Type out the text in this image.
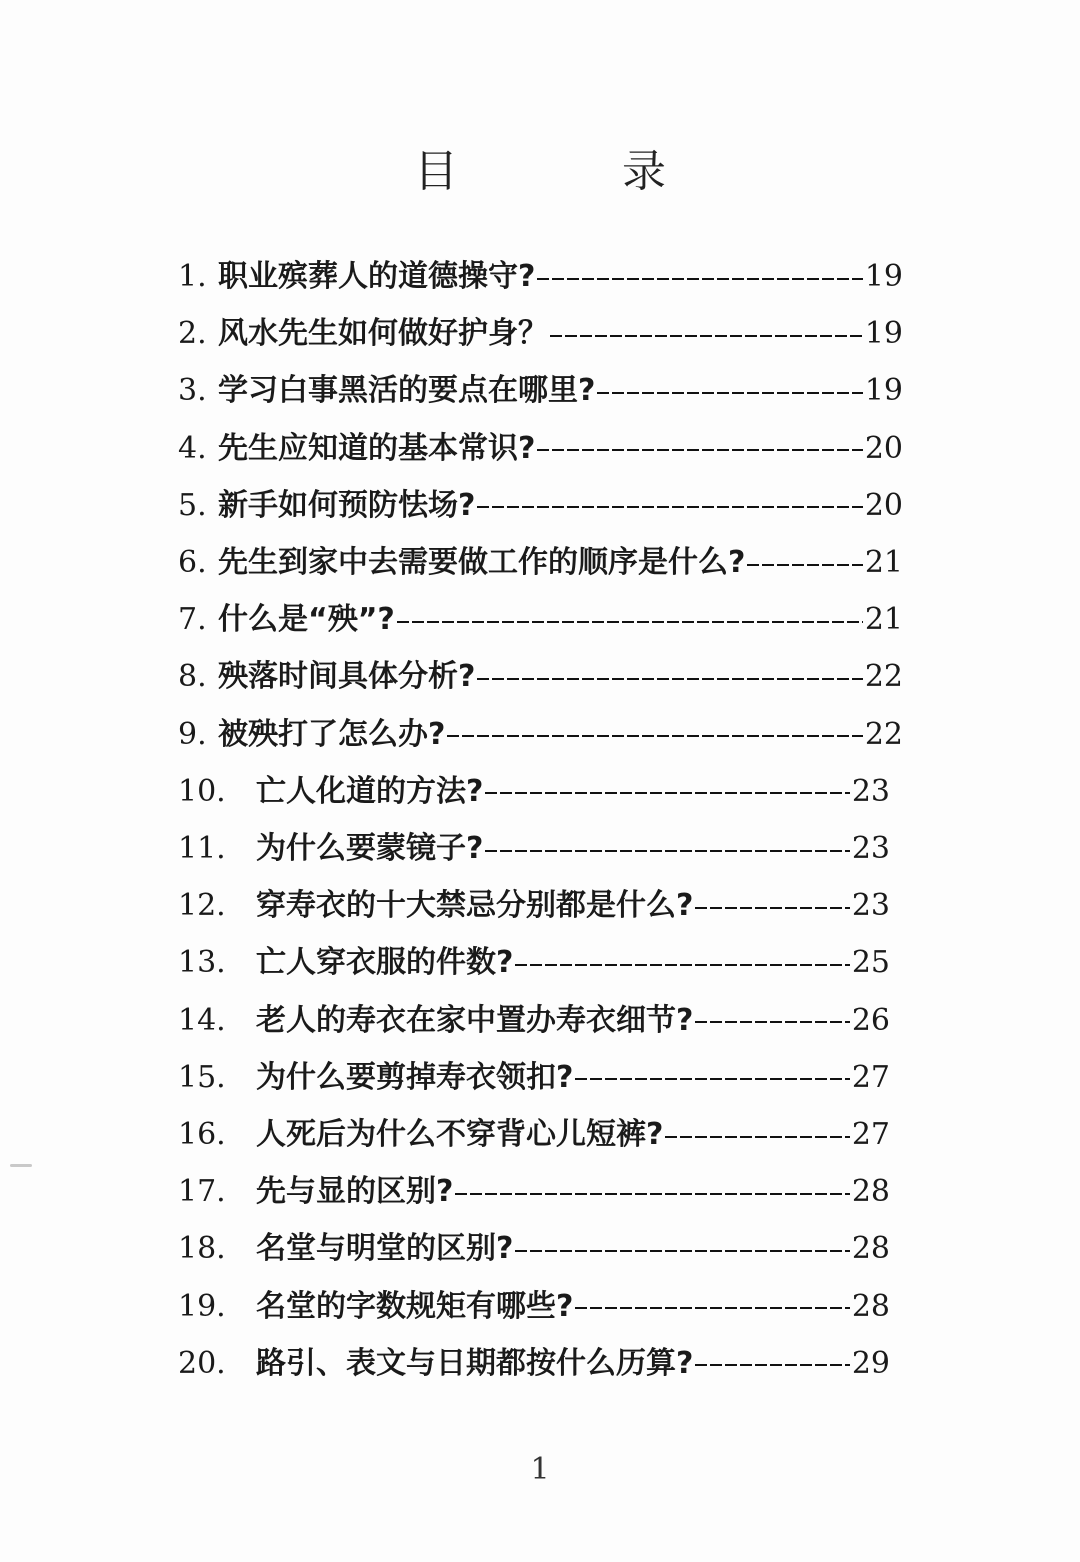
目　录
1. 职业殡葬人的道德操守?	19
2. 风水先生如何做好护身？	19
3. 学习白事黑活的要点在哪里?	19
4. 先生应知道的基本常识?	20
5. 新手如何预防怯场?	20
6. 先生到家中去需要做工作的顺序是什么?	21
7. 什么是“殃”?	21
8. 殃落时间具体分析?	22
9. 被殃打了怎么办?	22
10.	亡人化道的方法?	23
11.	为什么要蒙镜子?	23
12.	穿寿衣的十大禁忌分别都是什么?	23
13.	亡人穿衣服的件数?	25
14.	老人的寿衣在家中置办寿衣细节?	26
15.	为什么要剪掉寿衣领扣?	27
16.	人死后为什么不穿背心儿短裤?	27
17.	先与显的区别?	28
18.	名堂与明堂的区别?	28
19.	名堂的字数规矩有哪些?	28
20.	路引、表文与日期都按什么历算?	29
1
